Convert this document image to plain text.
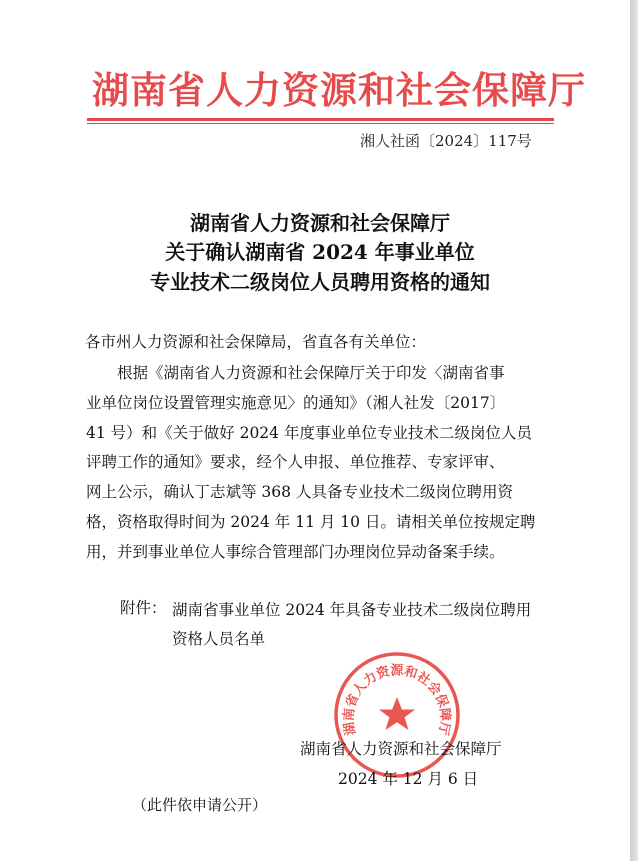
湖南省人力资源和社会保障厅
湘人社函〔2024〕117号
湖南省人力资源和社会保障厅
关于确认湖南省 2024 年事业单位
专业技术二级岗位人员聘用资格的通知
各市州人力资源和社会保障局，省直各有关单位：
根据《湖南省人力资源和社会保障厅关于印发〈湖南省事
业单位岗位设置管理实施意见〉的通知》（湘人社发〔2017〕
41 号）和《关于做好 2024 年度事业单位专业技术二级岗位人员
评聘工作的通知》要求，经个人申报、单位推荐、专家评审、
网上公示，确认丁志斌等 368 人具备专业技术二级岗位聘用资
格，资格取得时间为 2024 年 11 月 10 日。请相关单位按规定聘
用，并到事业单位人事综合管理部门办理岗位异动备案手续。
附件： 湖南省事业单位 2024 年具备专业技术二级岗位聘用
资格人员名单
湖南省人力资源和社会保障厅
湖南省人力资源和社会保障厅
2024 年 12 月 6 日
（此件依申请公开）
